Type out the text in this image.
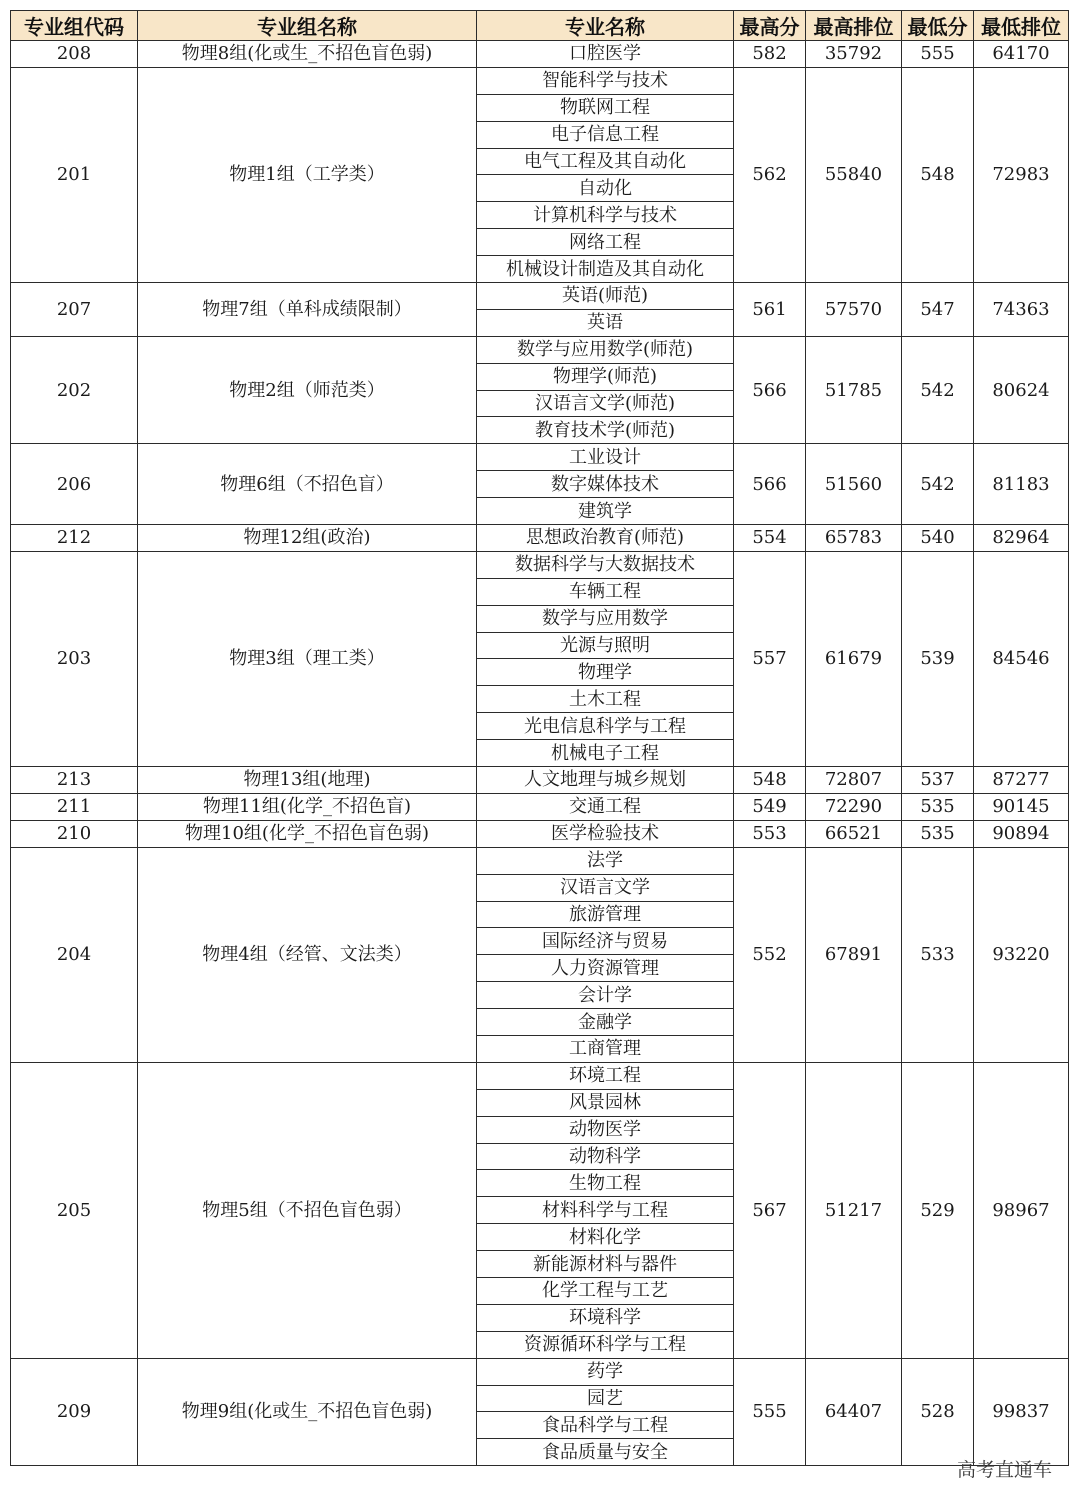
专业组代码	专业组名称	专业名称	最高分	最高排位	最低分	最低排位
208	物理8组(化或生_不招色盲色弱)	口腔医学	582	35792	555	64170
201	物理1组（工学类）	智能科学与技术	562	55840	548	72983
		物联网工程				
		电子信息工程				
		电气工程及其自动化				
		自动化				
		计算机科学与技术				
		网络工程				
		机械设计制造及其自动化				
207	物理7组（单科成绩限制）	英语(师范)	561	57570	547	74363
		英语				
202	物理2组（师范类）	数学与应用数学(师范)	566	51785	542	80624
		物理学(师范)				
		汉语言文学(师范)				
		教育技术学(师范)				
206	物理6组（不招色盲）	工业设计	566	51560	542	81183
		数字媒体技术				
		建筑学				
212	物理12组(政治)	思想政治教育(师范)	554	65783	540	82964
203	物理3组（理工类）	数据科学与大数据技术	557	61679	539	84546
		车辆工程				
		数学与应用数学				
		光源与照明				
		物理学				
		土木工程				
		光电信息科学与工程				
		机械电子工程				
213	物理13组(地理)	人文地理与城乡规划	548	72807	537	87277
211	物理11组(化学_不招色盲)	交通工程	549	72290	535	90145
210	物理10组(化学_不招色盲色弱)	医学检验技术	553	66521	535	90894
204	物理4组（经管、文法类）	法学	552	67891	533	93220
		汉语言文学				
		旅游管理				
		国际经济与贸易				
		人力资源管理				
		会计学				
		金融学				
		工商管理				
205	物理5组（不招色盲色弱）	环境工程	567	51217	529	98967
		风景园林				
		动物医学				
		动物科学				
		生物工程				
		材料科学与工程				
		材料化学				
		新能源材料与器件				
		化学工程与工艺				
		环境科学				
		资源循环科学与工程				
209	物理9组(化或生_不招色盲色弱)	药学	555	64407	528	99837
		园艺				
		食品科学与工程				
		食品质量与安全				
高考直通车
